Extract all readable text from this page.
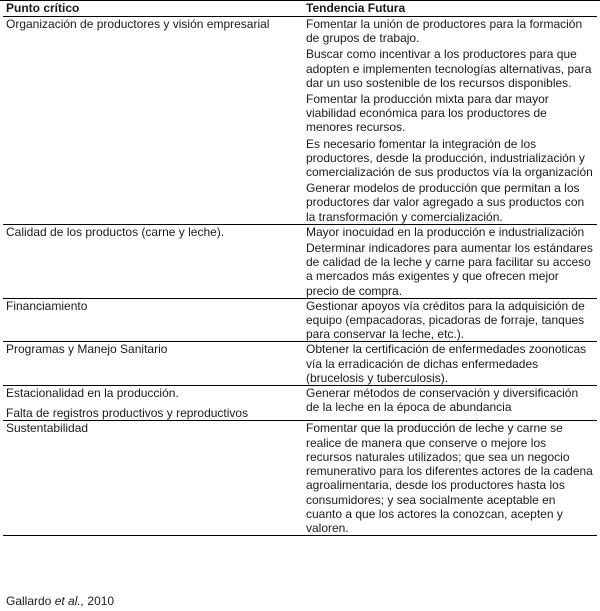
Punto crítico	Tendencia Futura

Organización de productores y visión empresarial	Fomentar la unión de productores para la formación de grupos de trabajo.
Buscar como incentivar a los productores para que adopten e implementen tecnologías alternativas, para dar un uso sostenible de los recursos disponibles.
Fomentar la producción mixta para dar mayor viabilidad económica para los productores de menores recursos.
Es necesario fomentar la integración de los productores, desde la producción, industrialización y comercialización de sus productos vía la organización
Generar modelos de producción que permitan a los productores dar valor agregado a sus productos con la transformación y comercialización.

Calidad de los productos (carne y leche).	Mayor inocuidad en la producción e industrialización
Determinar indicadores para aumentar los estándares de calidad de la leche y carne para facilitar su acceso a mercados más exigentes y que ofrecen mejor precio de compra.

Financiamiento	Gestionar apoyos vía créditos para la adquisición de equipo (empacadoras, picadoras de forraje, tanques para conservar la leche, etc.).

Programas y Manejo Sanitario	Obtener la certificación de enfermedades zoonoticas vía la erradicación de dichas enfermedades (brucelosis y tuberculosis).

Estacionalidad en la producción.
Falta de registros productivos y reproductivos	Generar métodos de conservación y diversificación de la leche en la época de abundancia

Sustentabilidad	Fomentar que la producción de leche y carne se realice de manera que conserve o mejore los recursos naturales utilizados; que sea un negocio remunerativo para los diferentes actores de la cadena agroalimentaria, desde los productores hasta los consumidores; y sea socialmente aceptable en cuanto a que los actores la conozcan, acepten y valoren.
Gallardo et al., 2010
